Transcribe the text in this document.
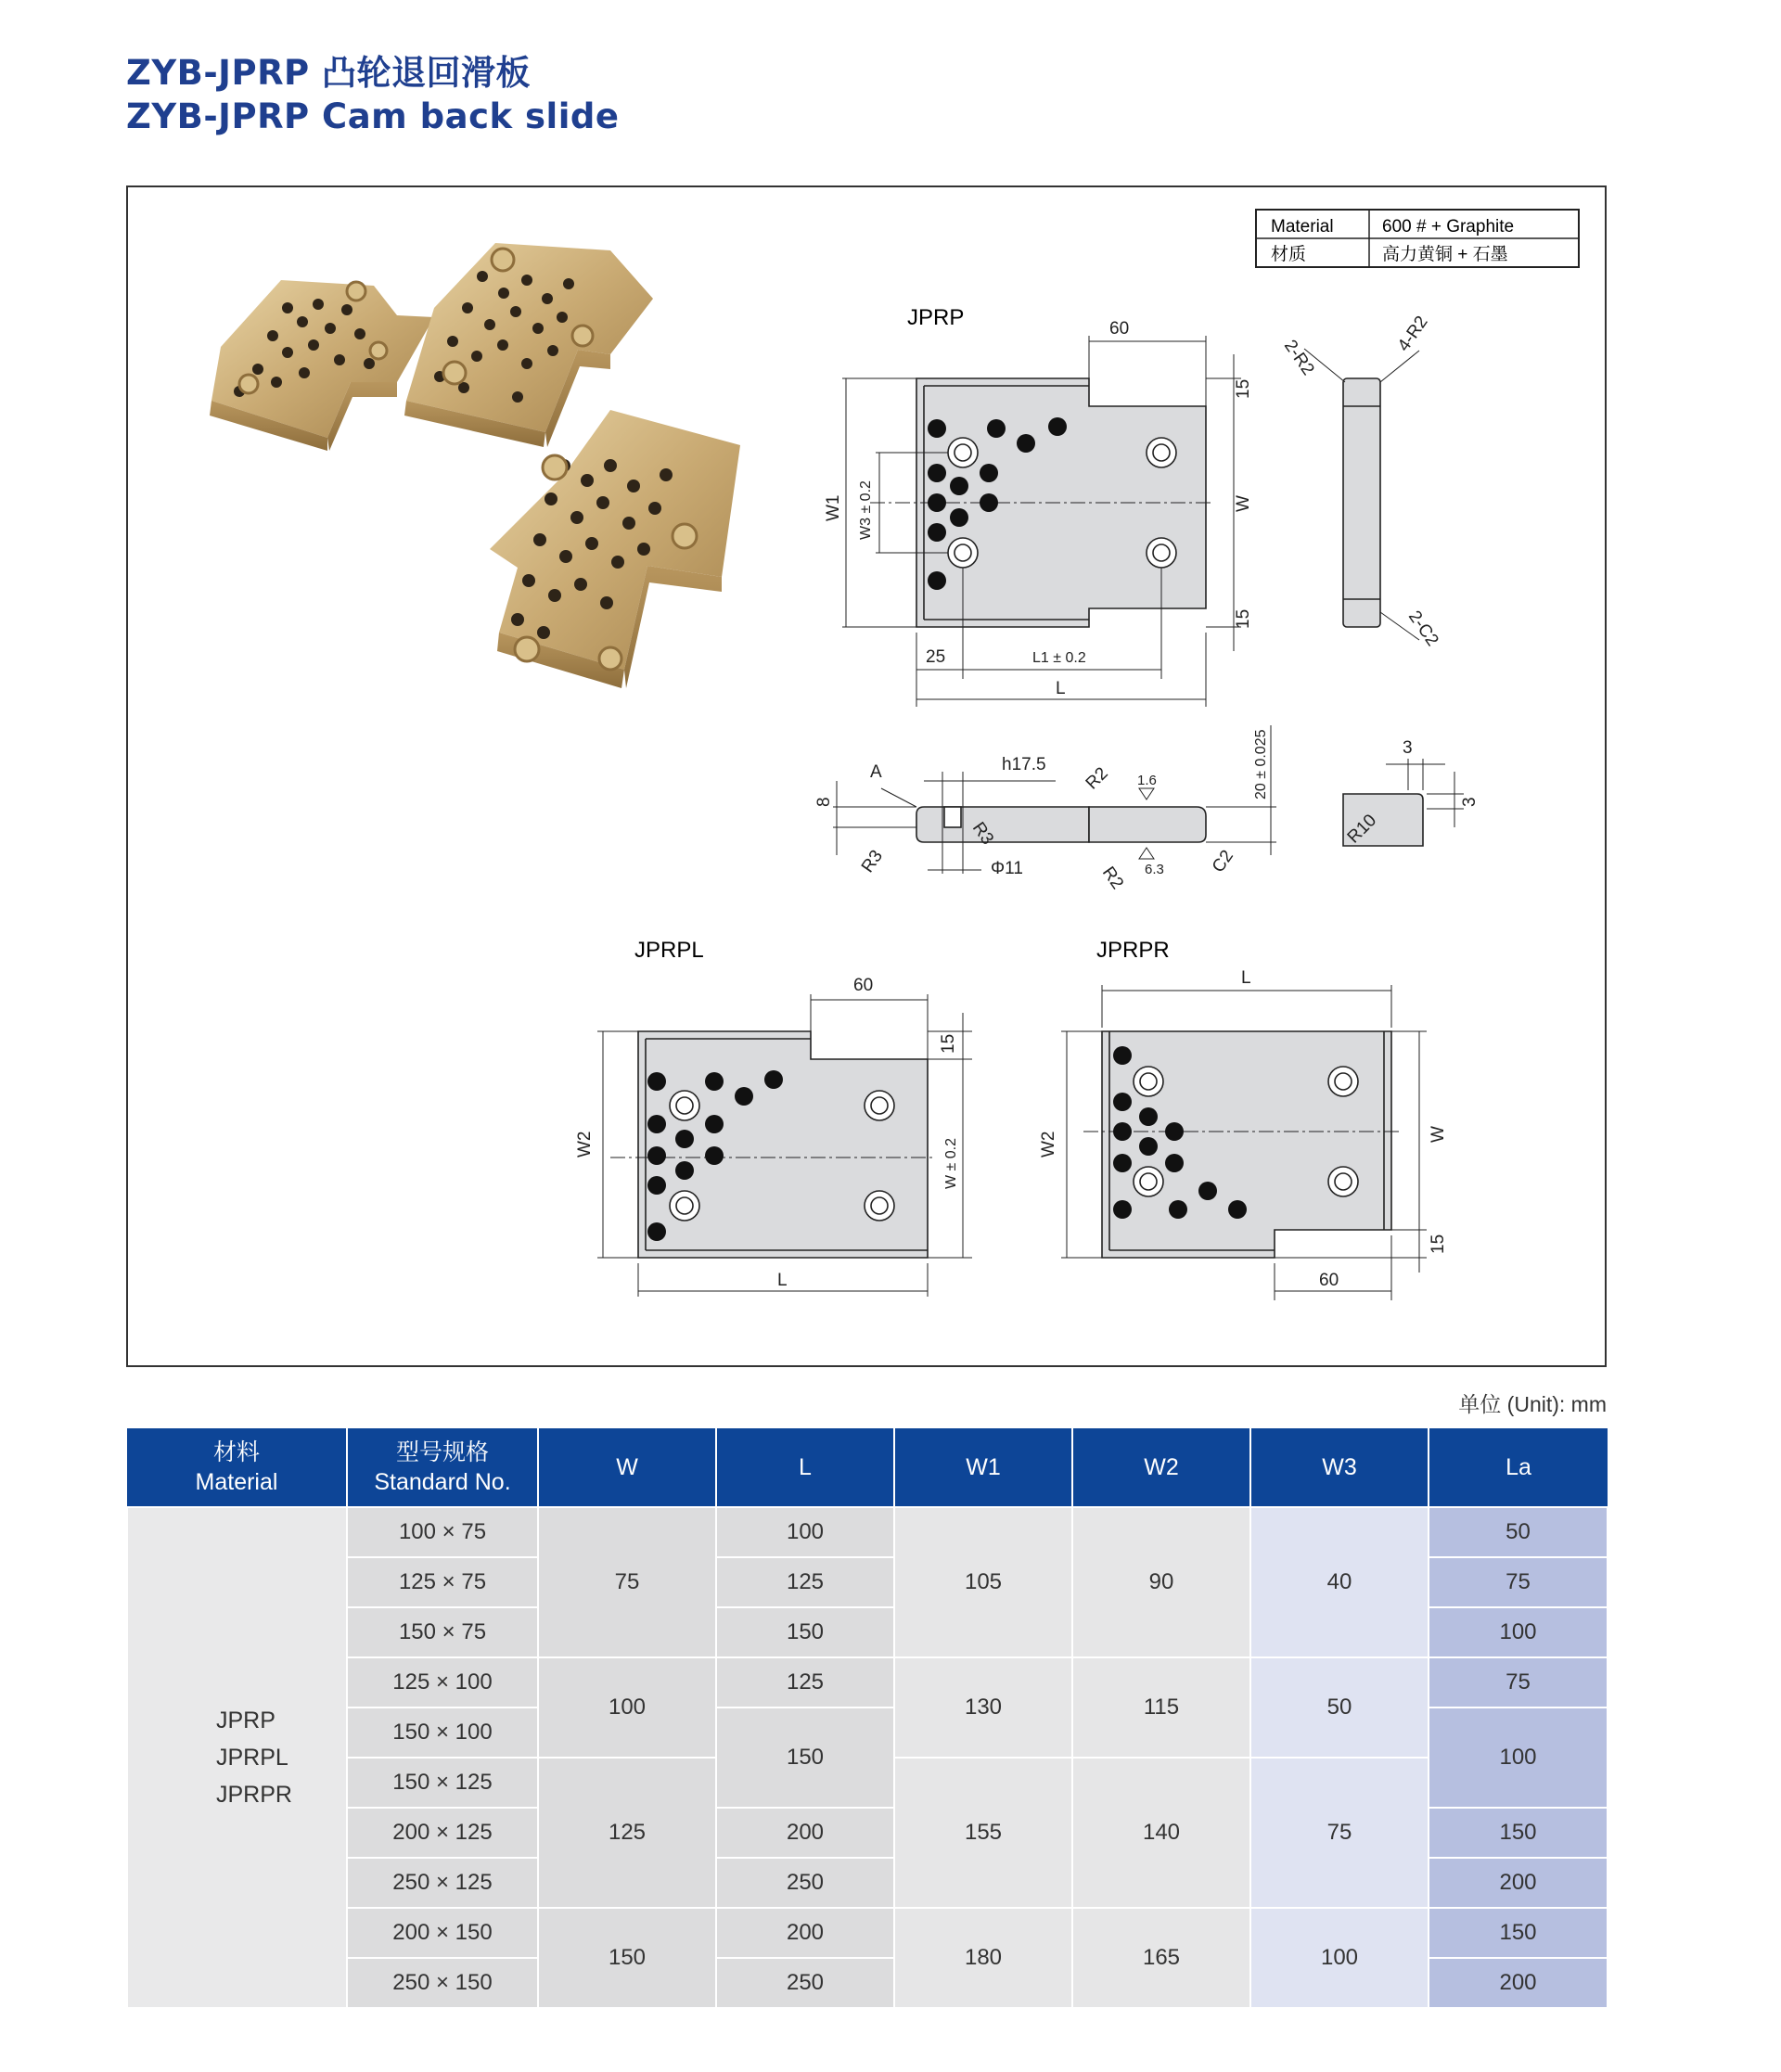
ZYB-JPRP 凸轮退回滑板
ZYB-JPRP Cam back slide
Material	600 # + Graphite
材质	高力黄铜 + 石墨
JPRP	60
15
15
W
W1 W3 ± 0.2
25	L1 ± 0.2
L
2-R2
4-R2
2-C2
A	h17.5
8
R3
R3
R2
R2
Φ11
1.6
6.3	C2
20 ± 0.025	3
3
R10
JPRPL
60
15
W ± 0.2
W2
L
JPRPR
L
W
15
W2
60
单位 (Unit): mm
材料
Material	型号规格
Standard No.	W	L	W1	W2	W3	La

JPRP
JPRPL
JPRPR	100 × 75	75	100	105	90	40	50
	125 × 75		125				75
	150 × 75		150				100
	125 × 100	100	125	130	115	50	75
	150 × 100		150				100
	150 × 125	125		155	140	75	
	200 × 125		200				150
	250 × 125		250				200
	200 × 150	150	200	180	165	100	150
	250 × 150		250				200
